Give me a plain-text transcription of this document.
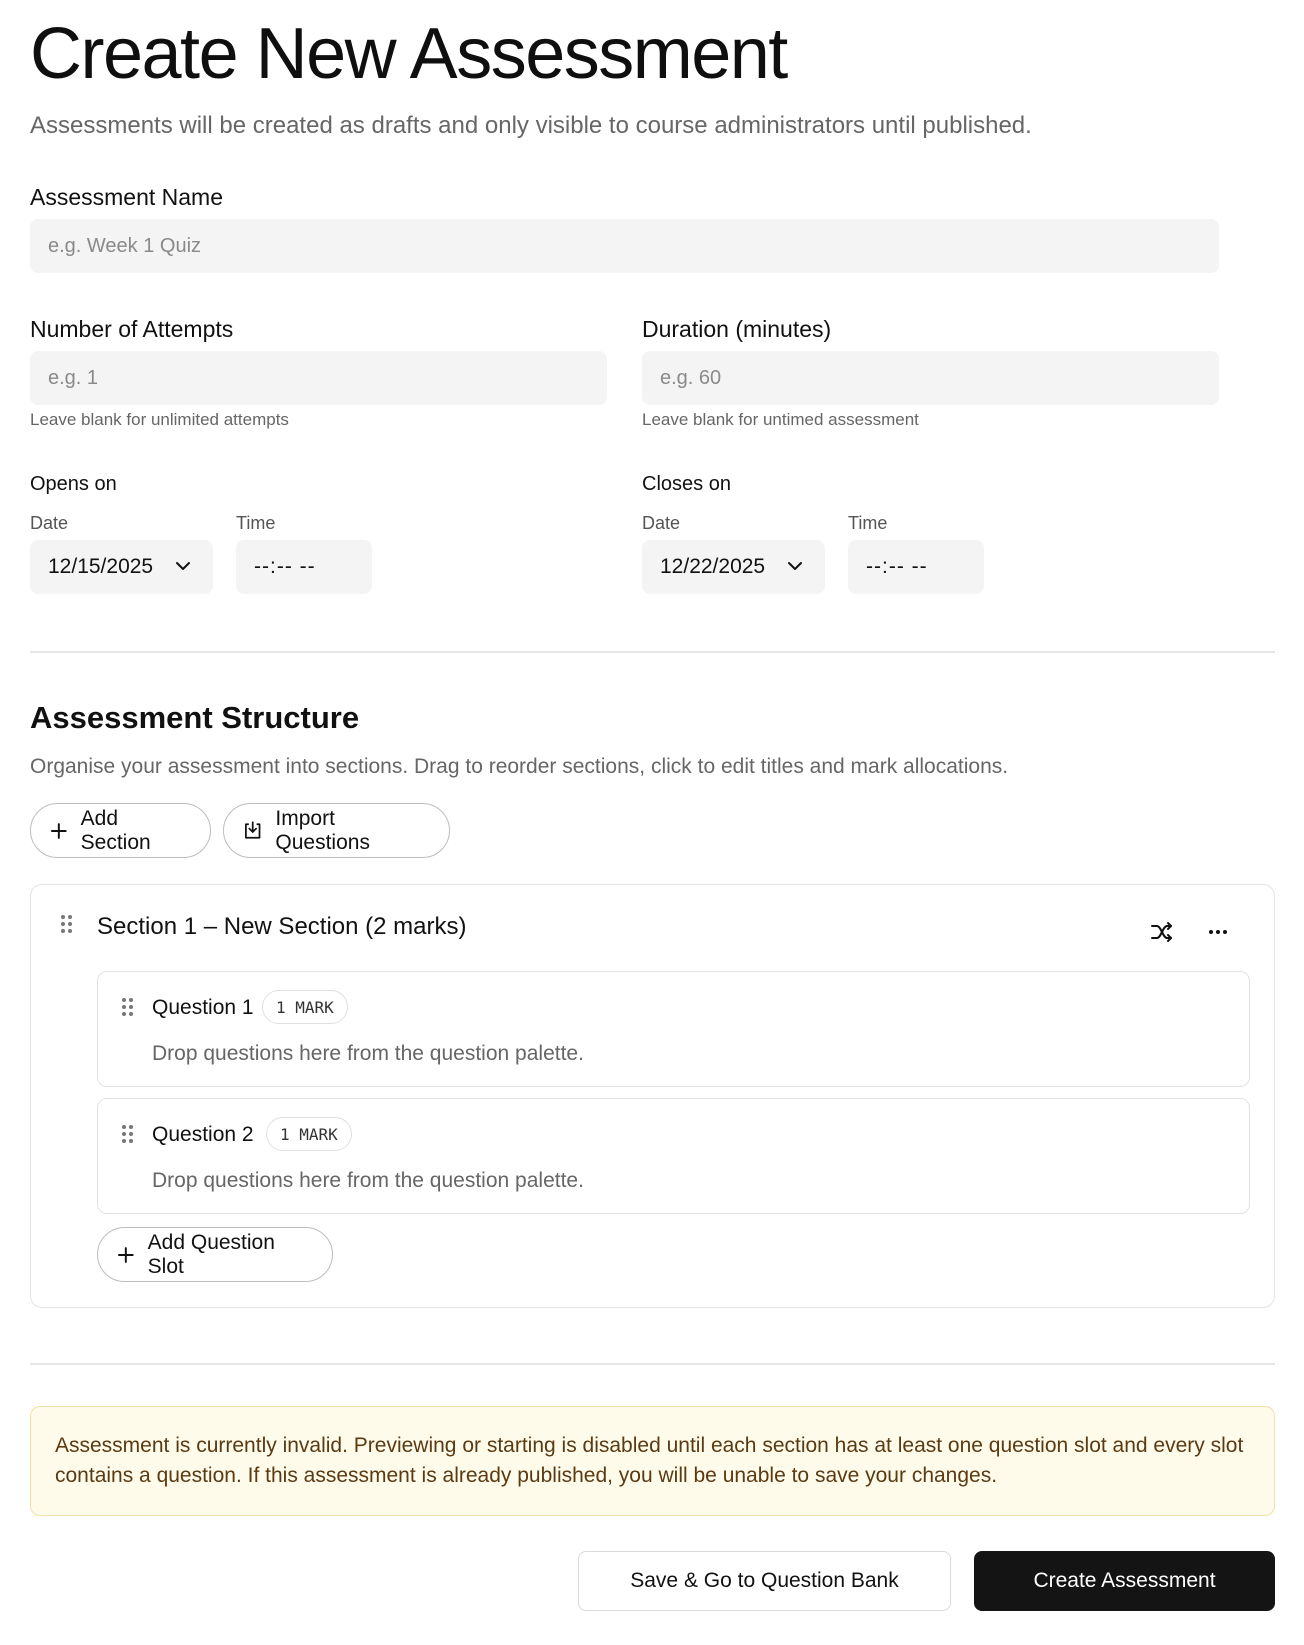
Create New Assessment
Assessments will be created as drafts and only visible to course administrators until published.
Assessment Name
e.g. Week 1 Quiz
Number of Attempts
e.g. 1
Leave blank for unlimited attempts
Duration (minutes)
e.g. 60
Leave blank for untimed assessment
Opens on
Date	Time
12/15/2025	--:-- --
Closes on
Date	Time
12/22/2025	--:-- --
Assessment Structure
Organise your assessment into sections. Drag to reorder sections, click to edit titles and mark allocations.
Add Section
Import Questions
Section 1 – New Section (2 marks)
Question 1	1 MARK
Drop questions here from the question palette.
Question 2	1 MARK
Drop questions here from the question palette.
Add Question Slot
Assessment is currently invalid. Previewing or starting is disabled until each section has at least one question slot and every slot contains a question. If this assessment is already published, you will be unable to save your changes.
Save & Go to Question Bank	Create Assessment
